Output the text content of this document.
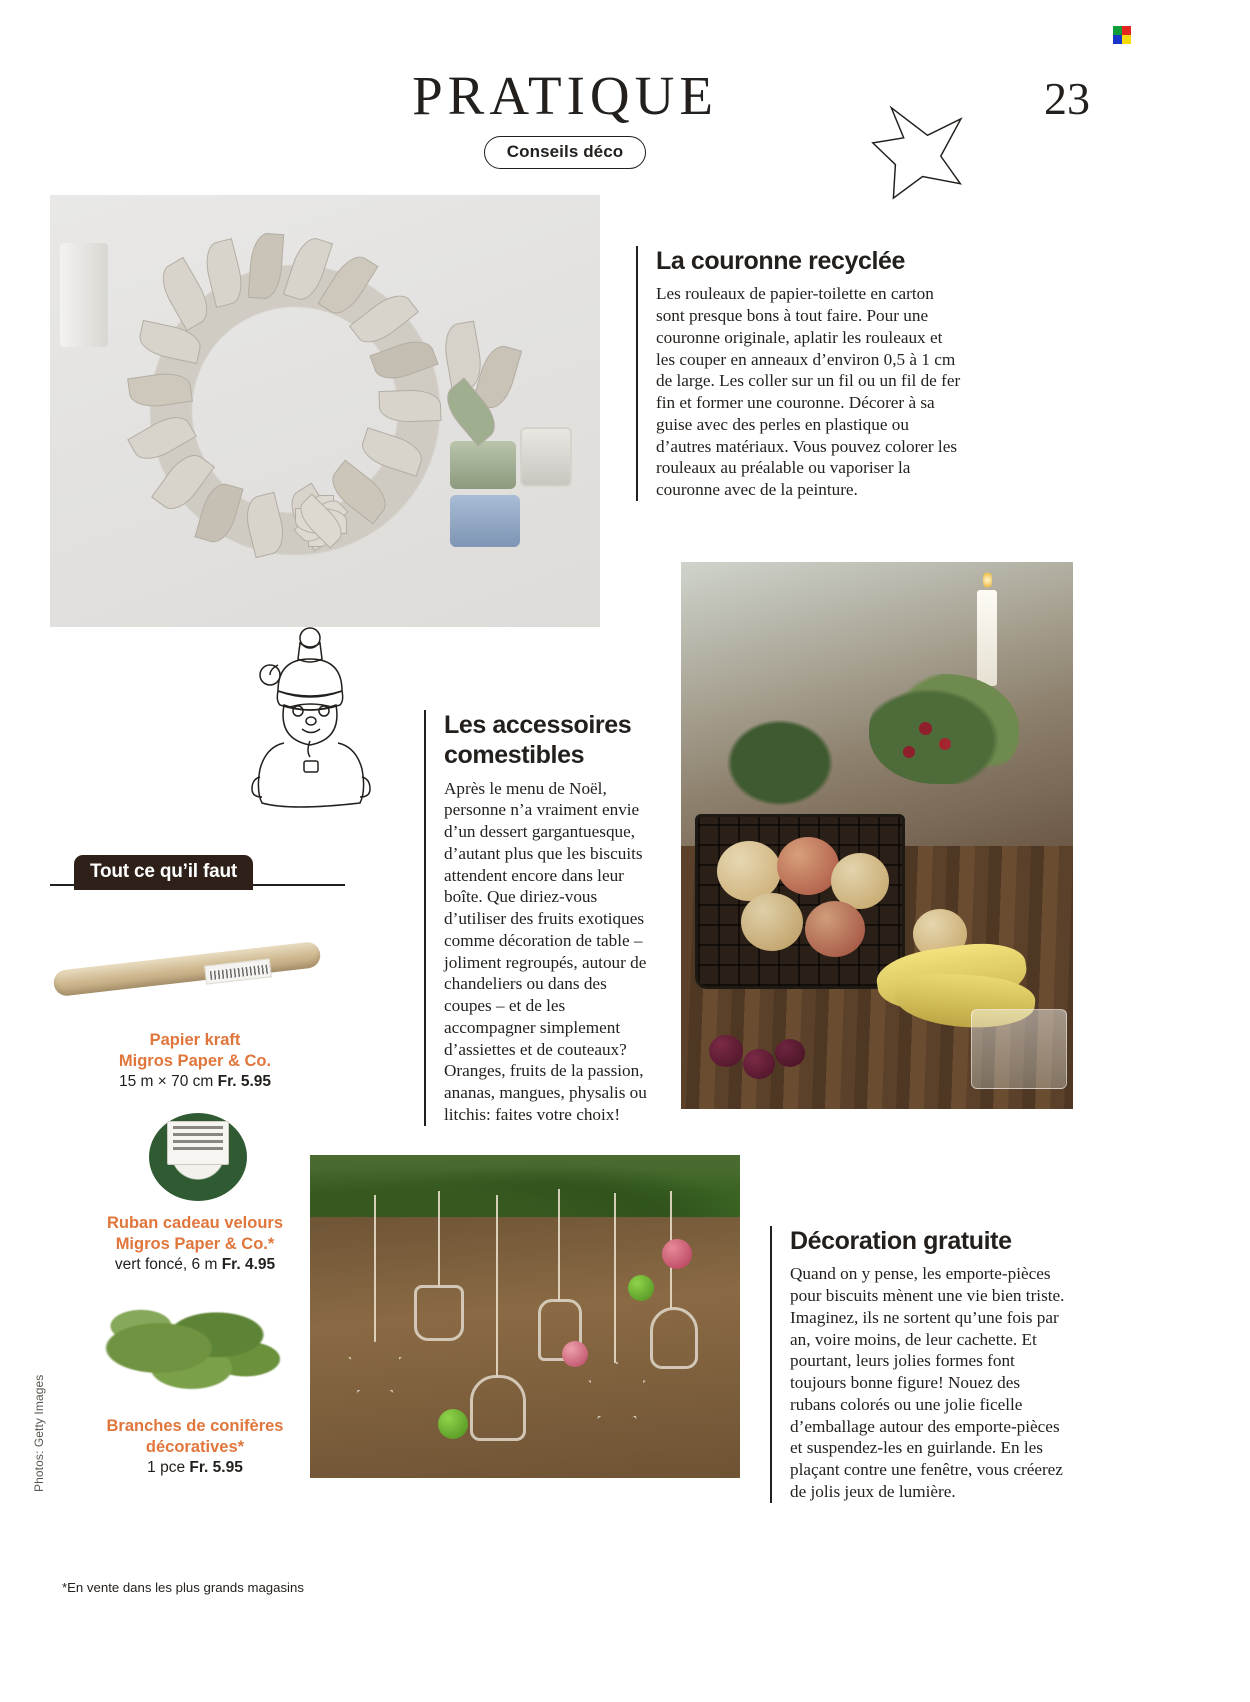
PRATIQUE
Conseils déco
23
La couronne recyclée

Les rouleaux de papier-toilette en carton sont presque bons à tout faire. Pour une couronne originale, aplatir les rouleaux et les couper en anneaux d’environ 0,5 à 1 cm de large. Les coller sur un fil ou un fil de fer fin et former une couronne. Décorer à sa guise avec des perles en plastique ou d’autres matériaux. Vous pouvez colorer les rouleaux au préalable ou vaporiser la couronne avec de la peinture.

Les accessoires comestibles

Après le menu de Noël, personne n’a vraiment envie d’un dessert gargantuesque, d’autant plus que les biscuits attendent encore dans leur boîte. Que diriez-vous d’utiliser des fruits exotiques comme décoration de table – joliment regroupés, autour de chandeliers ou dans des coupes – et de les accompagner simplement d’assiettes et de couteaux? Oranges, fruits de la passion, ananas, mangues, physalis ou litchis: faites votre choix!

Décoration gratuite

Quand on y pense, les emporte-pièces pour biscuits mènent une vie bien triste. Imaginez, ils ne sortent qu’une fois par an, voire moins, de leur cachette. Et pourtant, leurs jolies formes font toujours bonne figure! Nouez des rubans colorés ou une jolie ficelle d’emballage autour des emporte-pièces et suspendez-les en guirlande. En les plaçant contre une fenêtre, vous créerez de jolis jeux de lumière.

Tout ce qu’il faut
Papier kraft
Migros Paper & Co.
15 m × 70 cm Fr. 5.95
Ruban cadeau velours
Migros Paper & Co.*
vert foncé, 6 m Fr. 4.95
Branches de conifères
décoratives*
1 pce Fr. 5.95
*En vente dans les plus grands magasins
Photos: Getty Images
